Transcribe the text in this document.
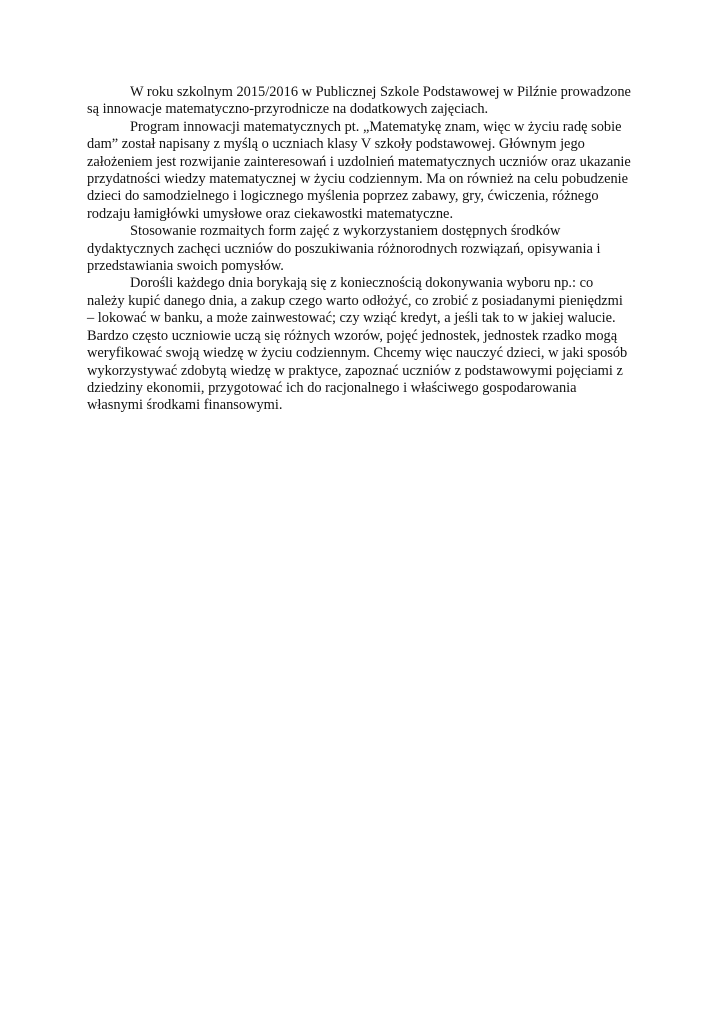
W roku szkolnym 2015/2016 w Publicznej Szkole Podstawowej w Pilźnie prowadzone
są innowacje matematyczno-przyrodnicze na dodatkowych zajęciach.
Program innowacji matematycznych pt. „Matematykę znam, więc w życiu radę sobie
dam” został napisany z myślą o uczniach klasy V szkoły podstawowej. Głównym jego
założeniem jest rozwijanie zainteresowań i uzdolnień matematycznych uczniów oraz ukazanie
przydatności wiedzy matematycznej w życiu codziennym. Ma on również na celu pobudzenie
dzieci do samodzielnego i logicznego myślenia poprzez zabawy, gry, ćwiczenia, różnego
rodzaju łamigłówki umysłowe oraz ciekawostki matematyczne.
Stosowanie rozmaitych form zajęć z wykorzystaniem dostępnych środków
dydaktycznych zachęci uczniów do poszukiwania różnorodnych rozwiązań, opisywania i
przedstawiania swoich pomysłów.
Dorośli każdego dnia borykają się z koniecznością dokonywania wyboru np.: co
należy kupić danego dnia, a zakup czego warto odłożyć, co zrobić z posiadanymi pieniędzmi
– lokować w banku, a może zainwestować; czy wziąć kredyt, a jeśli tak to w jakiej walucie.
Bardzo często uczniowie uczą się różnych wzorów, pojęć jednostek, jednostek rzadko mogą
weryfikować swoją wiedzę w życiu codziennym. Chcemy więc nauczyć dzieci, w jaki sposób
wykorzystywać zdobytą wiedzę w praktyce, zapoznać uczniów z podstawowymi pojęciami z
dziedziny ekonomii, przygotować ich do racjonalnego i właściwego gospodarowania
własnymi środkami finansowymi.
